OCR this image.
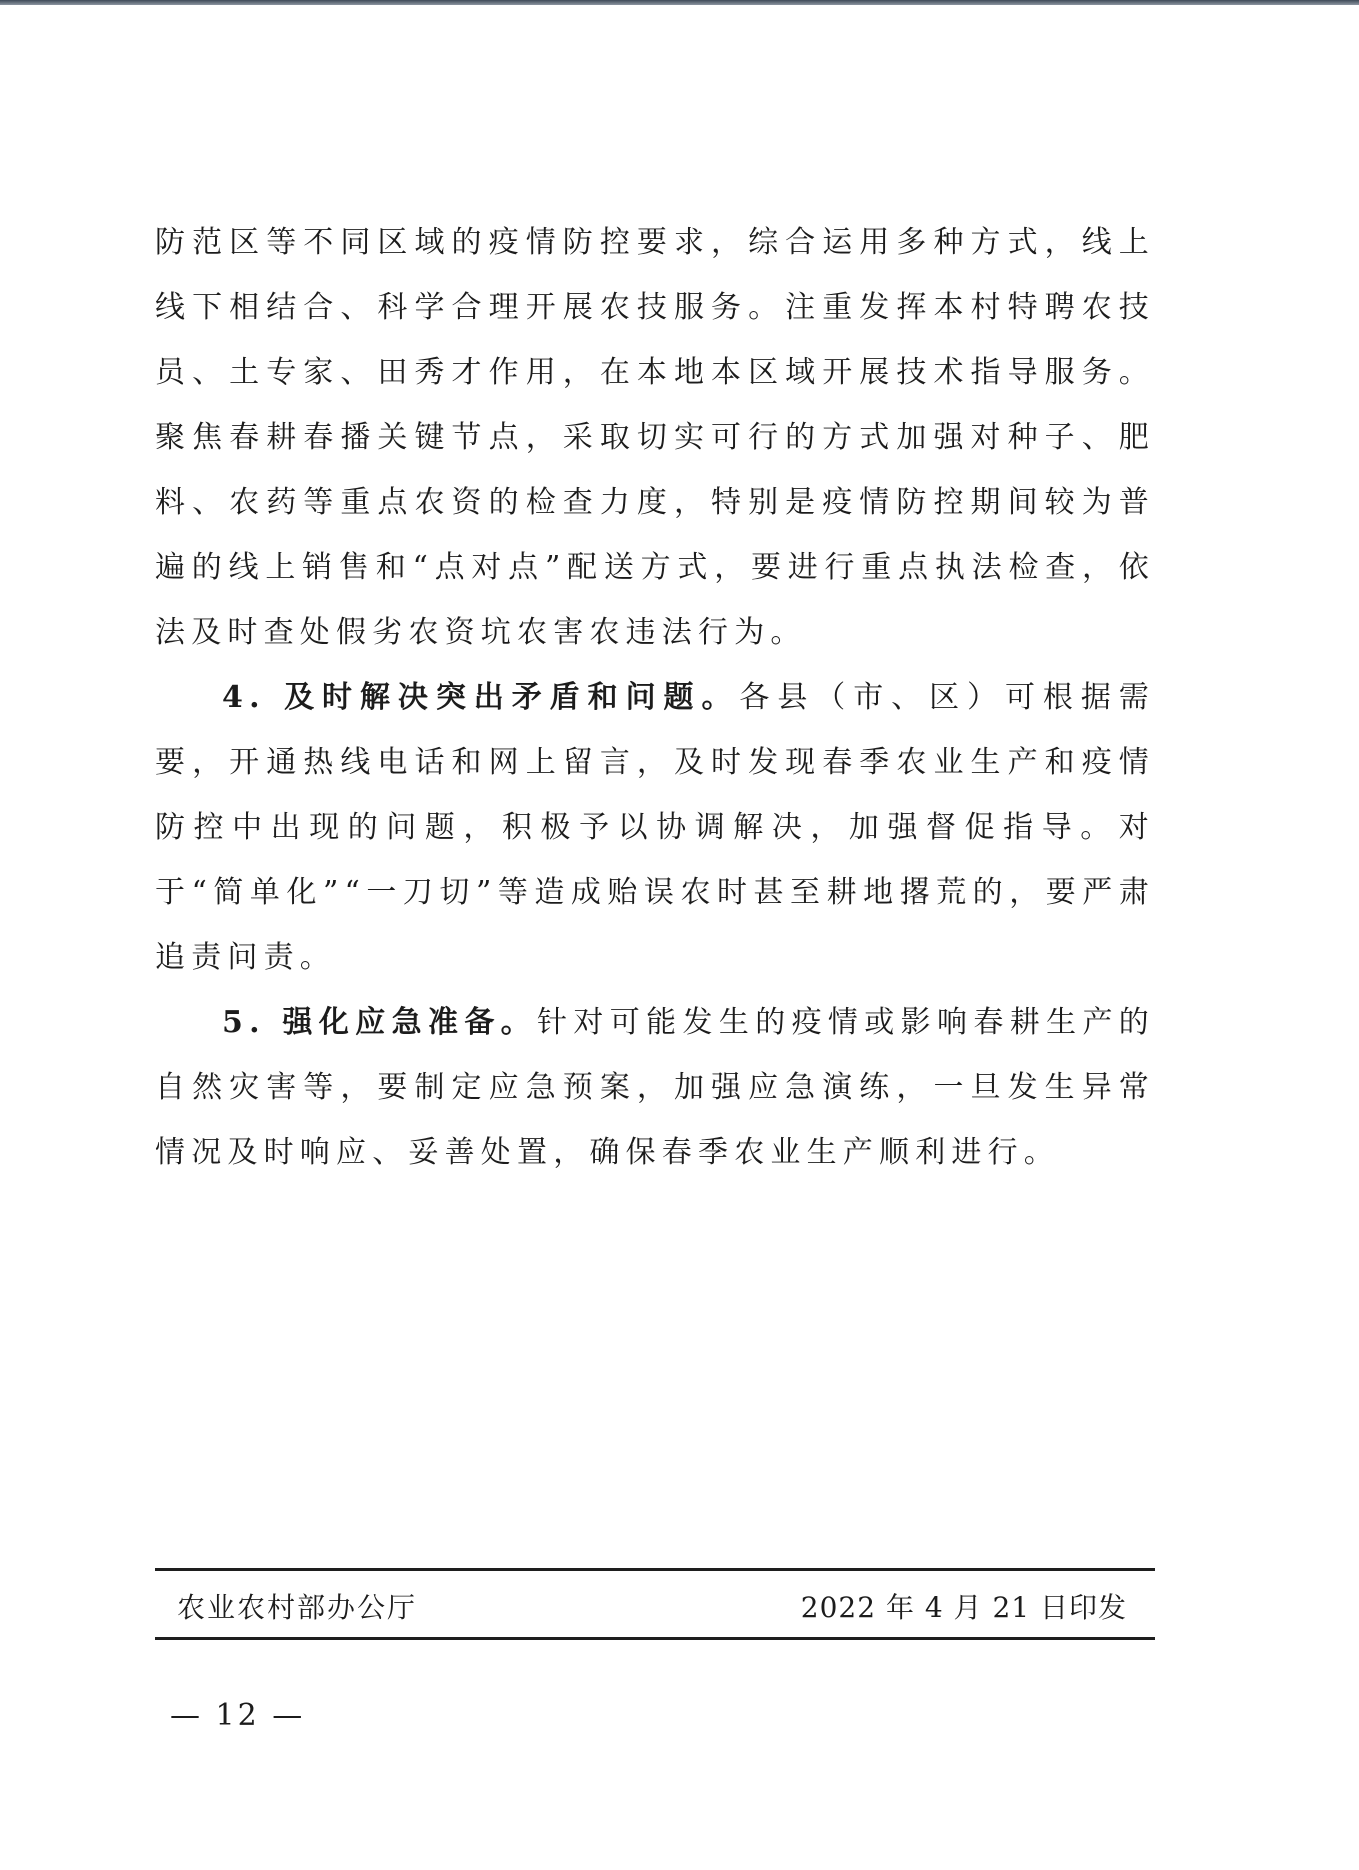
防范区等不同区域的疫情防控要求，综合运用多种方式，线上线下相结合、科学合理开展农技服务。注重发挥本村特聘农技员、土专家、田秀才作用，在本地本区域开展技术指导服务。聚焦春耕春播关键节点，采取切实可行的方式加强对种子、肥料、农药等重点农资的检查力度，特别是疫情防控期间较为普遍的线上销售和“点对点”配送方式，要进行重点执法检查，依法及时查处假劣农资坑农害农违法行为。

4. 及时解决突出矛盾和问题。各县（市、区）可根据需要，开通热线电话和网上留言，及时发现春季农业生产和疫情防控中出现的问题，积极予以协调解决，加强督促指导。对于“简单化”“一刀切”等造成贻误农时甚至耕地撂荒的，要严肃追责问责。

5. 强化应急准备。针对可能发生的疫情或影响春耕生产的自然灾害等，要制定应急预案，加强应急演练，一旦发生异常情况及时响应、妥善处置，确保春季农业生产顺利进行。

农业农村部办公厅	2022 年 4 月 21 日印发
— 12 —
